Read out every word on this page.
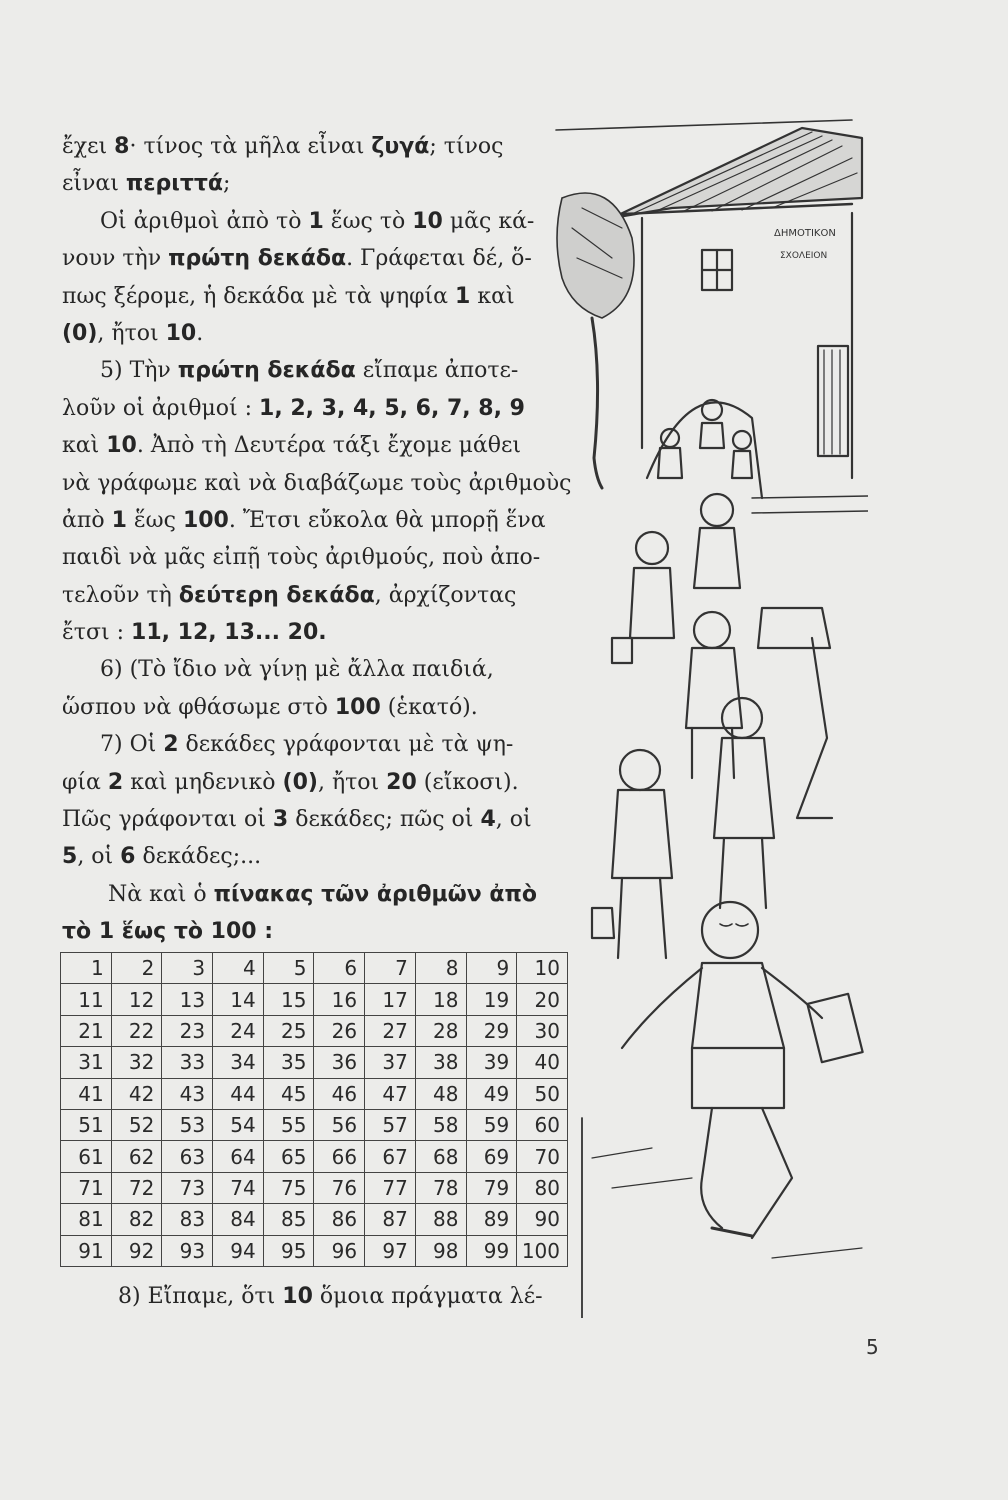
ἔχει 8· τίνος τὰ μῆλα εἶναι ζυγά; τίνος
εἶναι περιττά;
Οἱ ἀριθμοὶ ἀπὸ τὸ 1 ἕως τὸ 10 μᾶς κά-
νουν τὴν πρώτη δεκάδα. Γράφεται δέ, ὅ-
πως ξέρομε, ἡ δεκάδα μὲ τὰ ψηφία 1 καὶ
(0), ἤτοι 10.
5) Τὴν πρώτη δεκάδα εἴπαμε ἀποτε-
λοῦν οἱ ἀριθμοί : 1, 2, 3, 4, 5, 6, 7, 8, 9
καὶ 10. Ἀπὸ τὴ Δευτέρα τάξι ἔχομε μάθει
νὰ γράφωμε καὶ νὰ διαβάζωμε τοὺς ἀριθμοὺς
ἀπὸ 1 ἕως 100. Ἔτσι εὔκολα θὰ μπορῇ ἕνα
παιδὶ νὰ μᾶς εἰπῇ τοὺς ἀριθμούς, ποὺ ἀπο-
τελοῦν τὴ δεύτερη δεκάδα, ἀρχίζοντας
ἔτσι : 11, 12, 13... 20.
6) (Τὸ ἴδιο νὰ γίνῃ μὲ ἄλλα παιδιά,
ὥσπου νὰ φθάσωμε στὸ 100 (ἑκατό).
7) Οἱ 2 δεκάδες γράφονται μὲ τὰ ψη-
φία 2 καὶ μηδενικὸ (0), ἤτοι 20 (εἴκοσι).
Πῶς γράφονται οἱ 3 δεκάδες; πῶς οἱ 4, οἱ
5, οἱ 6 δεκάδες;...
Νὰ καὶ ὁ πίνακας τῶν ἀριθμῶν ἀπὸ
τὸ 1 ἕως τὸ 100 :
1	2	3	4	5	6	7	8	9	10
11	12	13	14	15	16	17	18	19	20
21	22	23	24	25	26	27	28	29	30
31	32	33	34	35	36	37	38	39	40
41	42	43	44	45	46	47	48	49	50
51	52	53	54	55	56	57	58	59	60
61	62	63	64	65	66	67	68	69	70
71	72	73	74	75	76	77	78	79	80
81	82	83	84	85	86	87	88	89	90
91	92	93	94	95	96	97	98	99	100
8) Εἴπαμε, ὅτι 10 ὅμοια πράγματα λέ-
ΔΗΜΟΤΙΚΟΝ
ΣΧΟΛΕΙΟΝ
5
